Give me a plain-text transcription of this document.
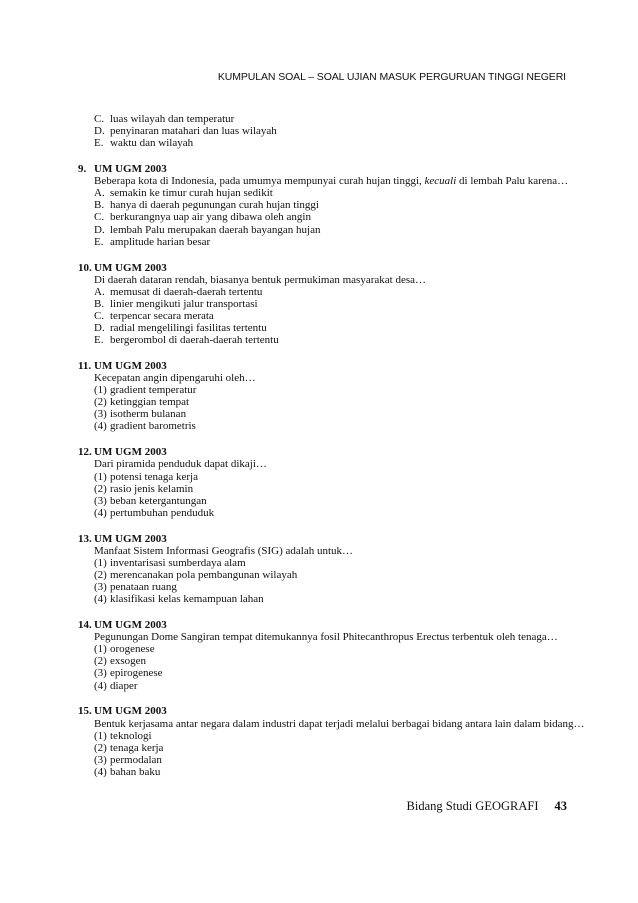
KUMPULAN SOAL – SOAL UJIAN MASUK PERGURUAN TINGGI NEGERI
C. luas wilayah dan temperatur
D. penyinaran matahari dan luas wilayah
E. waktu dan wilayah
9. UM UGM 2003
Beberapa kota di Indonesia, pada umumya mempunyai curah hujan tinggi, kecuali di lembah Palu karena…
A. semakin ke timur curah hujan sedikit
B. hanya di daerah pegunungan curah hujan tinggi
C. berkurangnya uap air yang dibawa oleh angin
D. lembah Palu merupakan daerah bayangan hujan
E. amplitude harian besar
10. UM UGM 2003
Di daerah dataran rendah, biasanya bentuk permukiman masyarakat desa…
A. memusat di daerah-daerah tertentu
B. linier mengikuti jalur transportasi
C. terpencar secara merata
D. radial mengelilingi fasilitas tertentu
E. bergerombol di daerah-daerah tertentu
11. UM UGM 2003
Kecepatan angin dipengaruhi oleh…
(1) gradient temperatur
(2) ketinggian tempat
(3) isotherm bulanan
(4) gradient barometris
12. UM UGM 2003
Dari piramida penduduk dapat dikaji…
(1) potensi tenaga kerja
(2) rasio jenis kelamin
(3) beban ketergantungan
(4) pertumbuhan penduduk
13. UM UGM 2003
Manfaat Sistem Informasi Geografis (SIG) adalah untuk…
(1) inventarisasi sumberdaya alam
(2) merencanakan pola pembangunan wilayah
(3) penataan ruang
(4) klasifikasi kelas kemampuan lahan
14. UM UGM 2003
Pegunungan Dome Sangiran tempat ditemukannya fosil Phitecanthropus Erectus terbentuk oleh tenaga…
(1) orogenese
(2) exsogen
(3) epirogenese
(4) diaper
15. UM UGM 2003
Bentuk kerjasama antar negara dalam industri dapat terjadi melalui berbagai bidang antara lain dalam bidang…
(1) teknologi
(2) tenaga kerja
(3) permodalan
(4) bahan baku
Bidang Studi GEOGRAFI 43
